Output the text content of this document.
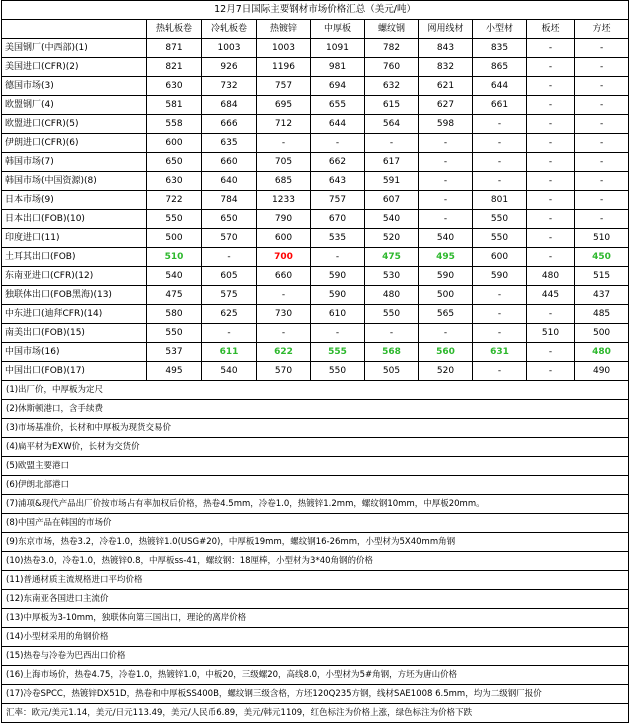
12月7日国际主要钢材市场价格汇总（美元/吨）									
	热轧板卷	冷轧板卷	热镀锌	中厚板	螺纹钢	网用线材	小型材	板坯	方坯
美国钢厂(中西部)(1)	871	1003	1003	1091	782	843	835	-	-
美国进口(CFR)(2)	821	926	1196	981	760	832	865	-	-
德国市场(3)	630	732	757	694	632	621	644	-	-
欧盟钢厂(4)	581	684	695	655	615	627	661	-	-
欧盟进口(CFR)(5)	558	666	712	644	564	598	-	-	-
伊朗进口(CFR)(6)	600	635	-	-	-	-	-	-	-
韩国市场(7)	650	660	705	662	617	-	-	-	-
韩国市场(中国资源)(8)	630	640	685	643	591	-	-	-	-
日本市场(9)	722	784	1233	757	607	-	801	-	-
日本出口(FOB)(10)	550	650	790	670	540	-	550	-	-
印度进口(11)	500	570	600	535	520	540	550	-	510
土耳其出口(FOB)	510	-	700	-	475	495	600	-	450
东南亚进口(CFR)(12)	540	605	660	590	530	590	590	480	515
独联体出口(FOB黑海)(13)	475	575	-	590	480	500	-	445	437
中东进口(迪拜CFR)(14)	580	625	730	610	550	565	-	-	485
南美出口(FOB)(15)	550	-	-	-	-	-	-	510	500
中国市场(16)	537	611	622	555	568	560	631	-	480
中国出口(FOB)(17)	495	540	570	550	505	520	-	-	490
(1)出厂价，中厚板为定尺									
(2)休斯顿港口，含手续费									
(3)市场基准价，长材和中厚板为现货交易价									
(4)扁平材为EXW价，长材为交货价									
(5)欧盟主要港口									
(6)伊朗北部港口									
(7)浦项&现代产品出厂价按市场占有率加权后价格，热卷4.5mm，冷卷1.0，热镀锌1.2mm，螺纹钢10mm，中厚板20mm。									
(8)中国产品在韩国的市场价									
(9)东京市场，热卷3.2，冷卷1.0，热镀锌1.0(USG#20)，中厚板19mm，螺纹钢16-26mm，小型材为5X40mm角钢									
(10)热卷3.0，冷卷1.0，热镀锌0.8，中厚板ss-41，螺纹钢：18厘棒，小型材为3*40角钢的价格									
(11)普通材质主流规格进口平均价格									
(12)东南亚各国进口主流价									
(13)中厚板为3-10mm，独联体向第三国出口，理论的离岸价格									
(14)小型材采用的角钢价格									
(15)热卷与冷卷为巴西出口价格									
(16)上海市场价，热卷4.75，冷卷1.0，热镀锌1.0，中板20，三级螺20，高线8.0，小型材为5#角钢，方坯为唐山价格									
(17)冷卷SPCC，热镀锌DX51D，热卷和中厚板SS400B，螺纹钢三级含格，方坯120Q235方钢，线材SAE1008 6.5mm，均为二级钢厂报价									
汇率：欧元/美元1.14，美元/日元113.49，美元/人民币6.89，美元/韩元1109，红色标注为价格上涨，绿色标注为价格下跌									
